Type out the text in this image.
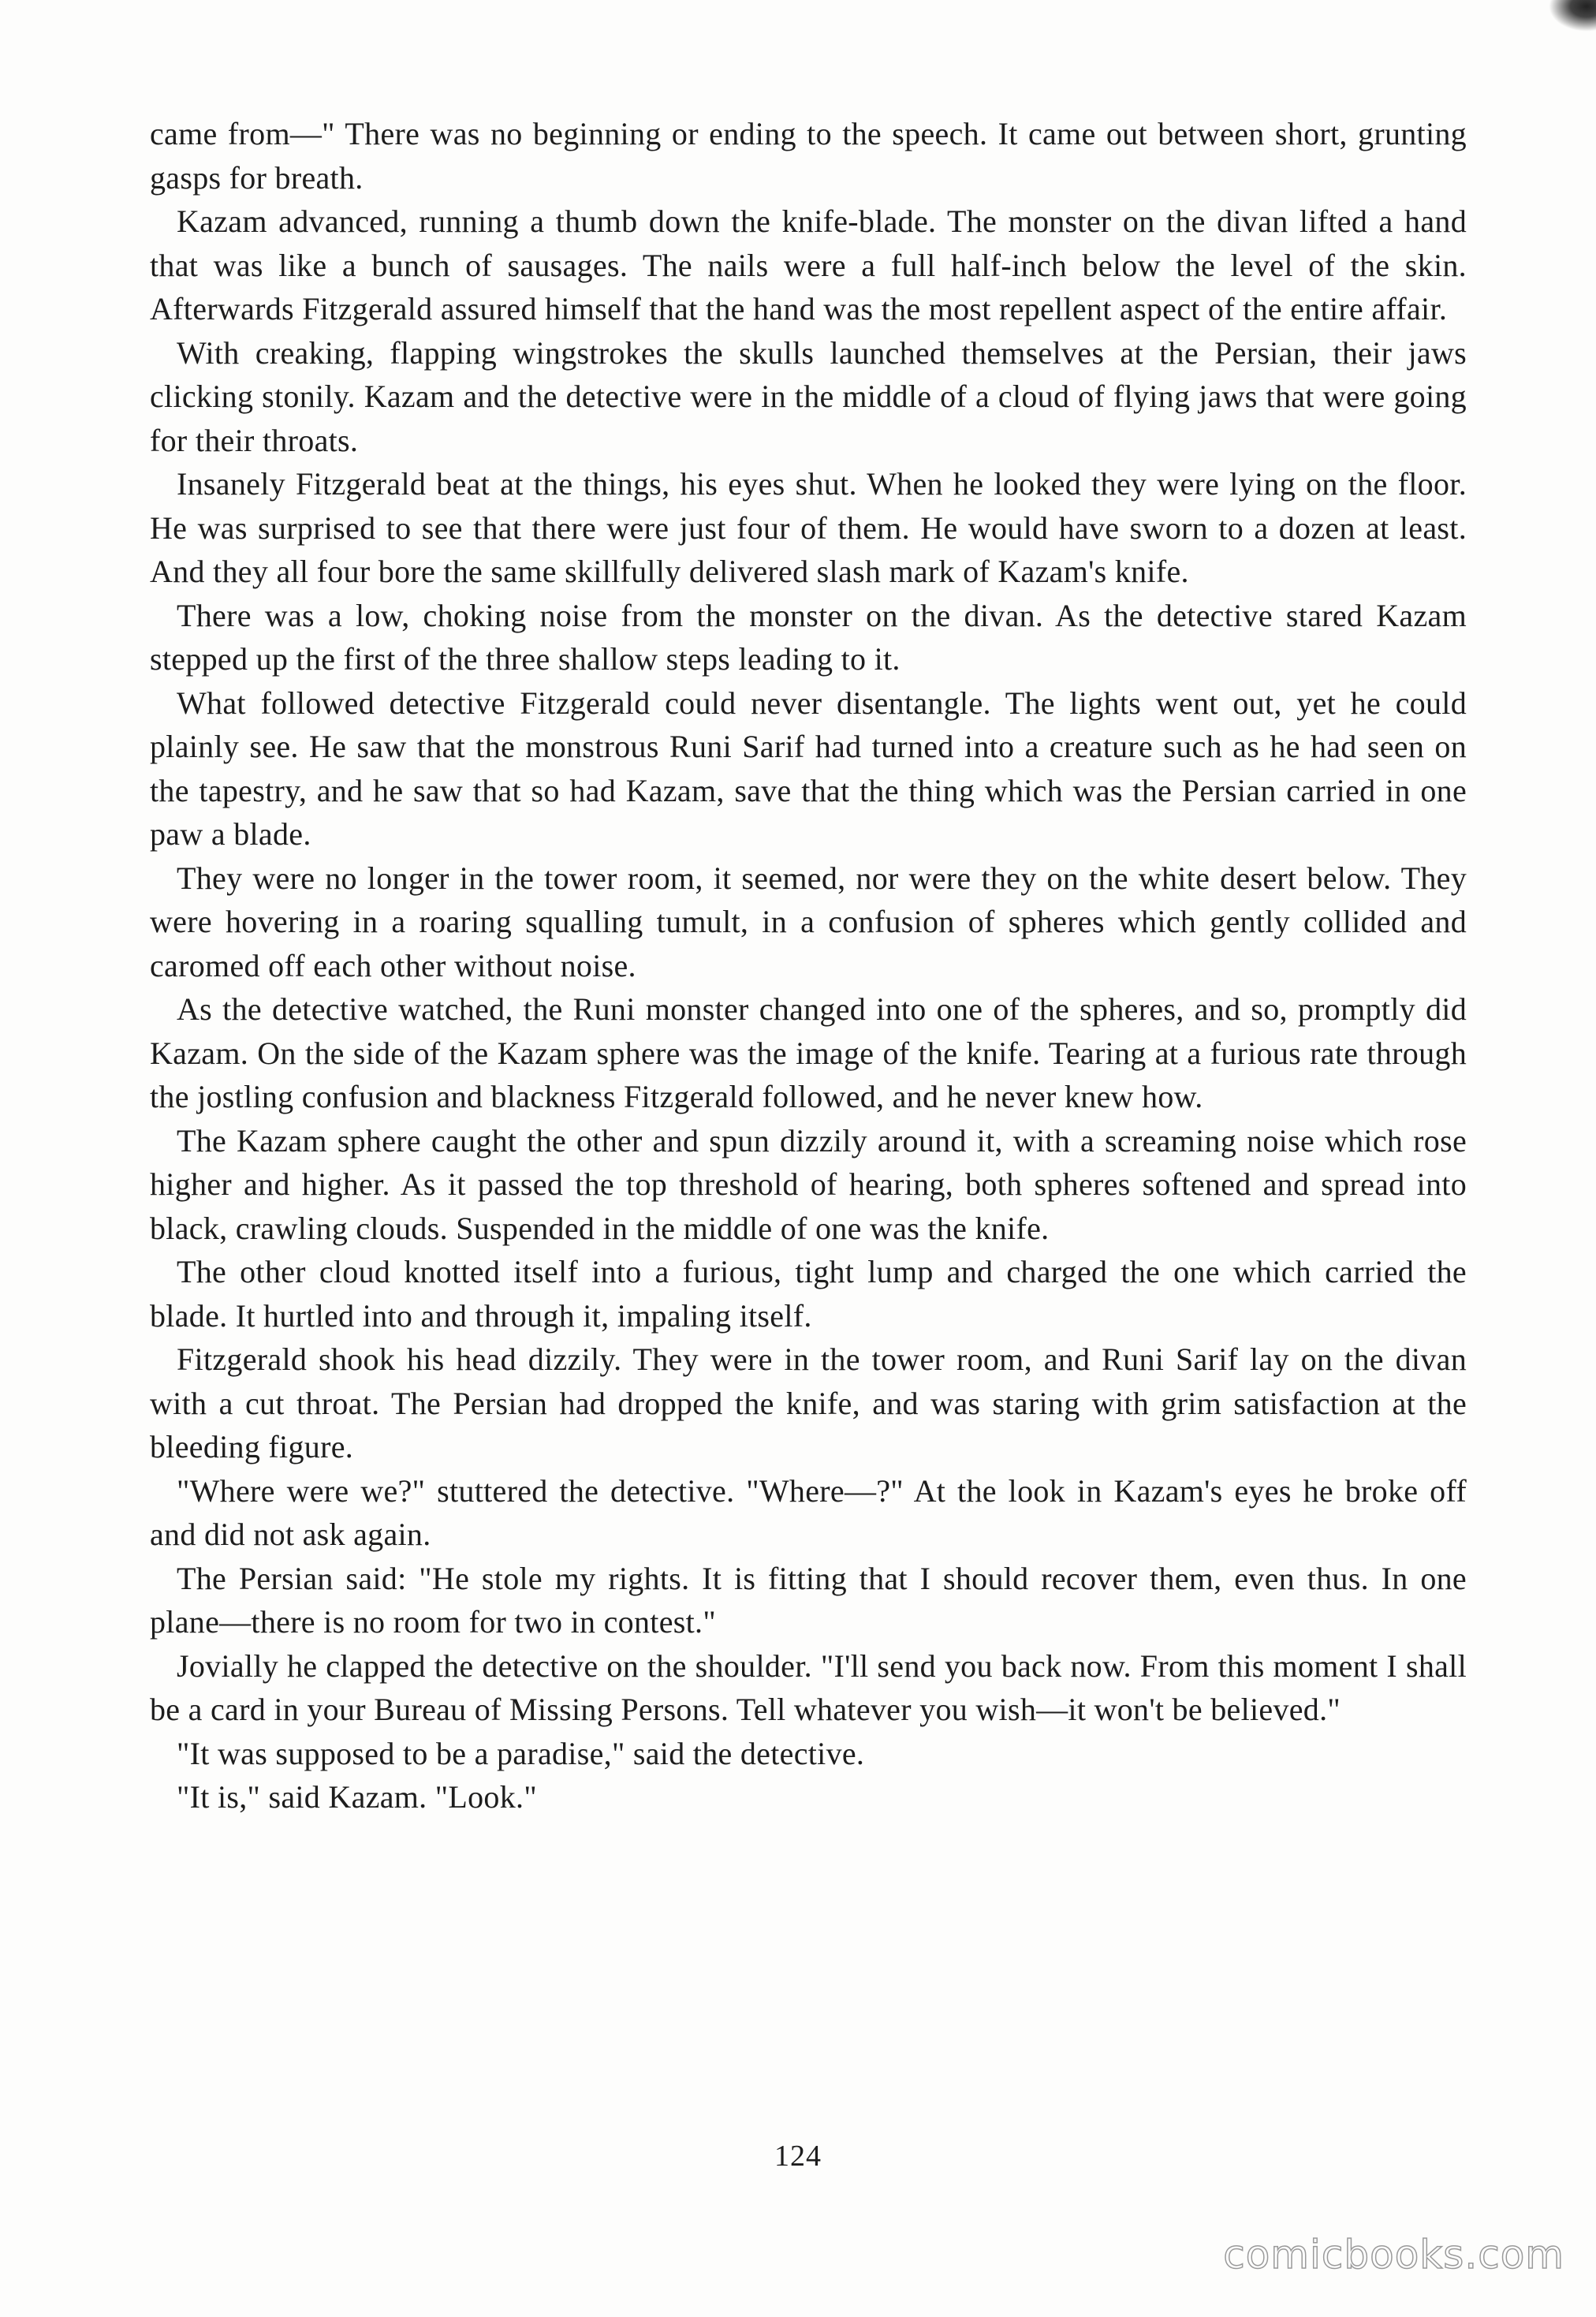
came from—" There was no beginning or ending to the speech. It came out between short, grunting gasps for breath.

Kazam advanced, running a thumb down the knife-blade. The monster on the divan lifted a hand that was like a bunch of sausages. The nails were a full half-inch below the level of the skin. Afterwards Fitzgerald assured himself that the hand was the most repellent aspect of the entire affair.

With creaking, flapping wingstrokes the skulls launched themselves at the Persian, their jaws clicking stonily. Kazam and the detective were in the middle of a cloud of flying jaws that were going for their throats.

Insanely Fitzgerald beat at the things, his eyes shut. When he looked they were lying on the floor. He was surprised to see that there were just four of them. He would have sworn to a dozen at least. And they all four bore the same skillfully delivered slash mark of Kazam's knife.

There was a low, choking noise from the monster on the divan. As the detective stared Kazam stepped up the first of the three shallow steps leading to it.

What followed detective Fitzgerald could never disentangle. The lights went out, yet he could plainly see. He saw that the monstrous Runi Sarif had turned into a creature such as he had seen on the tapestry, and he saw that so had Kazam, save that the thing which was the Persian carried in one paw a blade.

They were no longer in the tower room, it seemed, nor were they on the white desert below. They were hovering in a roaring squalling tumult, in a confusion of spheres which gently collided and caromed off each other without noise.

As the detective watched, the Runi monster changed into one of the spheres, and so, promptly did Kazam. On the side of the Kazam sphere was the image of the knife. Tearing at a furious rate through the jostling confusion and blackness Fitzgerald followed, and he never knew how.

The Kazam sphere caught the other and spun dizzily around it, with a screaming noise which rose higher and higher. As it passed the top threshold of hearing, both spheres softened and spread into black, crawling clouds. Suspended in the middle of one was the knife.

The other cloud knotted itself into a furious, tight lump and charged the one which carried the blade. It hurtled into and through it, impaling itself.

Fitzgerald shook his head dizzily. They were in the tower room, and Runi Sarif lay on the divan with a cut throat. The Persian had dropped the knife, and was staring with grim satisfaction at the bleeding figure.

"Where were we?" stuttered the detective. "Where—?" At the look in Kazam's eyes he broke off and did not ask again.

The Persian said: "He stole my rights. It is fitting that I should recover them, even thus. In one plane—there is no room for two in contest."

Jovially he clapped the detective on the shoulder. "I'll send you back now. From this moment I shall be a card in your Bureau of Missing Persons. Tell whatever you wish—it won't be believed."

"It was supposed to be a paradise," said the detective.

"It is," said Kazam. "Look."

124
comicbooks.com
